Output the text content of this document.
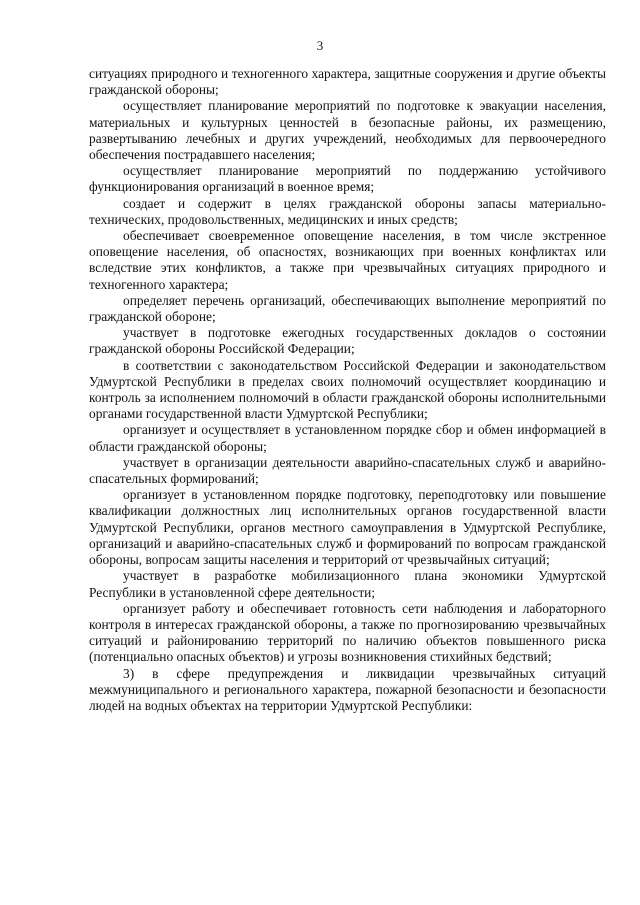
3

ситуациях природного и техногенного характера, защитные сооружения и другие объекты гражданской обороны;

осуществляет планирование мероприятий по подготовке к эвакуации населения, материальных и культурных ценностей в безопасные районы, их размещению, развертыванию лечебных и других учреждений, необходимых для первоочередного обеспечения пострадавшего населения;

осуществляет планирование мероприятий по поддержанию устойчивого функционирования организаций в военное время;

создает и содержит в целях гражданской обороны запасы материально-технических, продовольственных, медицинских и иных средств;

обеспечивает своевременное оповещение населения, в том числе экстренное оповещение населения, об опасностях, возникающих при военных конфликтах или вследствие этих конфликтов, а также при чрезвычайных ситуациях природного и техногенного характера;

определяет перечень организаций, обеспечивающих выполнение мероприятий по гражданской обороне;

участвует в подготовке ежегодных государственных докладов о состоянии гражданской обороны Российской Федерации;

в соответствии с законодательством Российской Федерации и законодательством Удмуртской Республики в пределах своих полномочий осуществляет координацию и контроль за исполнением полномочий в области гражданской обороны исполнительными органами государственной власти Удмуртской Республики;

организует и осуществляет в установленном порядке сбор и обмен информацией в области гражданской обороны;

участвует в организации деятельности аварийно-спасательных служб и аварийно-спасательных формирований;

организует в установленном порядке подготовку, переподготовку или повышение квалификации должностных лиц исполнительных органов государственной власти Удмуртской Республики, органов местного самоуправления в Удмуртской Республике, организаций и аварийно-спасательных служб и формирований по вопросам гражданской обороны, вопросам защиты населения и территорий от чрезвычайных ситуаций;

участвует в разработке мобилизационного плана экономики Удмуртской Республики в установленной сфере деятельности;

организует работу и обеспечивает готовность сети наблюдения и лабораторного контроля в интересах гражданской обороны, а также по прогнозированию чрезвычайных ситуаций и районированию территорий по наличию объектов повышенного риска (потенциально опасных объектов) и угрозы возникновения стихийных бедствий;

3) в сфере предупреждения и ликвидации чрезвычайных ситуаций межмуниципального и регионального характера, пожарной безопасности и безопасности людей на водных объектах на территории Удмуртской Республики:
